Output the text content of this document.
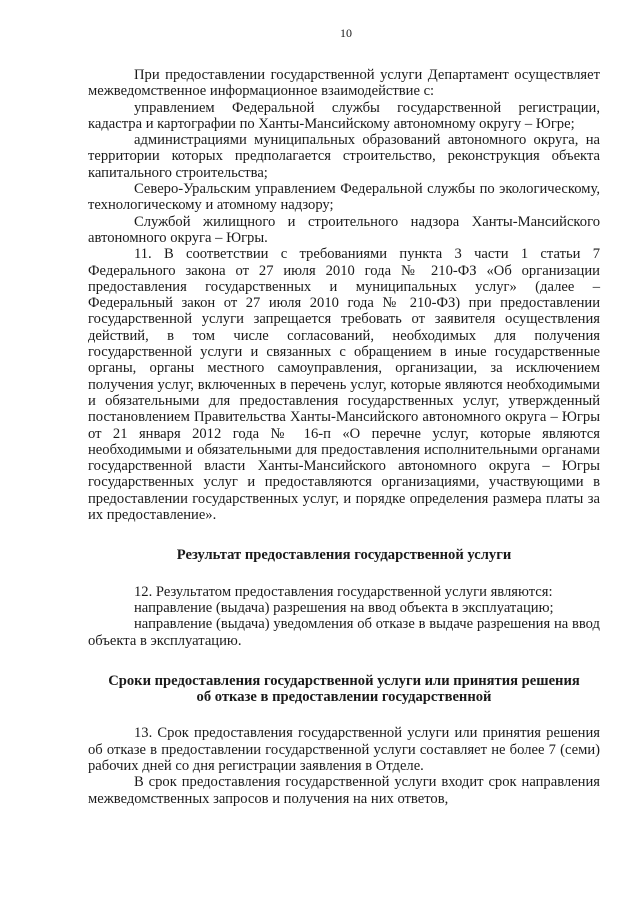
10

При предоставлении государственной услуги Департамент осуществляет межведомственное информационное взаимодействие с:

управлением Федеральной службы государственной регистрации, кадастра и картографии по Ханты-Мансийскому автономному округу – Югре;

администрациями муниципальных образований автономного округа, на территории которых предполагается строительство, реконструкция объекта капитального строительства;

Северо-Уральским управлением Федеральной службы по экологическому, технологическому и атомному надзору;

Службой жилищного и строительного надзора Ханты-Мансийского автономного округа – Югры.

11. В соответствии с требованиями пункта 3 части 1 статьи 7 Федерального закона от 27 июля 2010 года № 210-ФЗ «Об организации предоставления государственных и муниципальных услуг» (далее – Федеральный закон от 27 июля 2010 года № 210-ФЗ) при предоставлении государственной услуги запрещается требовать от заявителя осуществления действий, в том числе согласований, необходимых для получения государственной услуги и связанных с обращением в иные государственные органы, органы местного самоуправления, организации, за исключением получения услуг, включенных в перечень услуг, которые являются необходимыми и обязательными для предоставления государственных услуг, утвержденный постановлением Правительства Ханты-Мансийского автономного округа – Югры от 21 января 2012 года № 16-п «О перечне услуг, которые являются необходимыми и обязательными для предоставления исполнительными органами государственной власти Ханты-Мансийского автономного округа – Югры государственных услуг и предоставляются организациями, участвующими в предоставлении государственных услуг, и порядке определения размера платы за их предоставление».

Результат предоставления государственной услуги

12. Результатом предоставления государственной услуги являются:

направление (выдача) разрешения на ввод объекта в эксплуатацию;

направление (выдача) уведомления об отказе в выдаче разрешения на ввод объекта в эксплуатацию.

Сроки предоставления государственной услуги или принятия решения
об отказе в предоставлении государственной

13. Срок предоставления государственной услуги или принятия решения об отказе в предоставлении государственной услуги составляет не более 7 (семи) рабочих дней со дня регистрации заявления в Отделе.

В срок предоставления государственной услуги входит срок направления межведомственных запросов и получения на них ответов,
